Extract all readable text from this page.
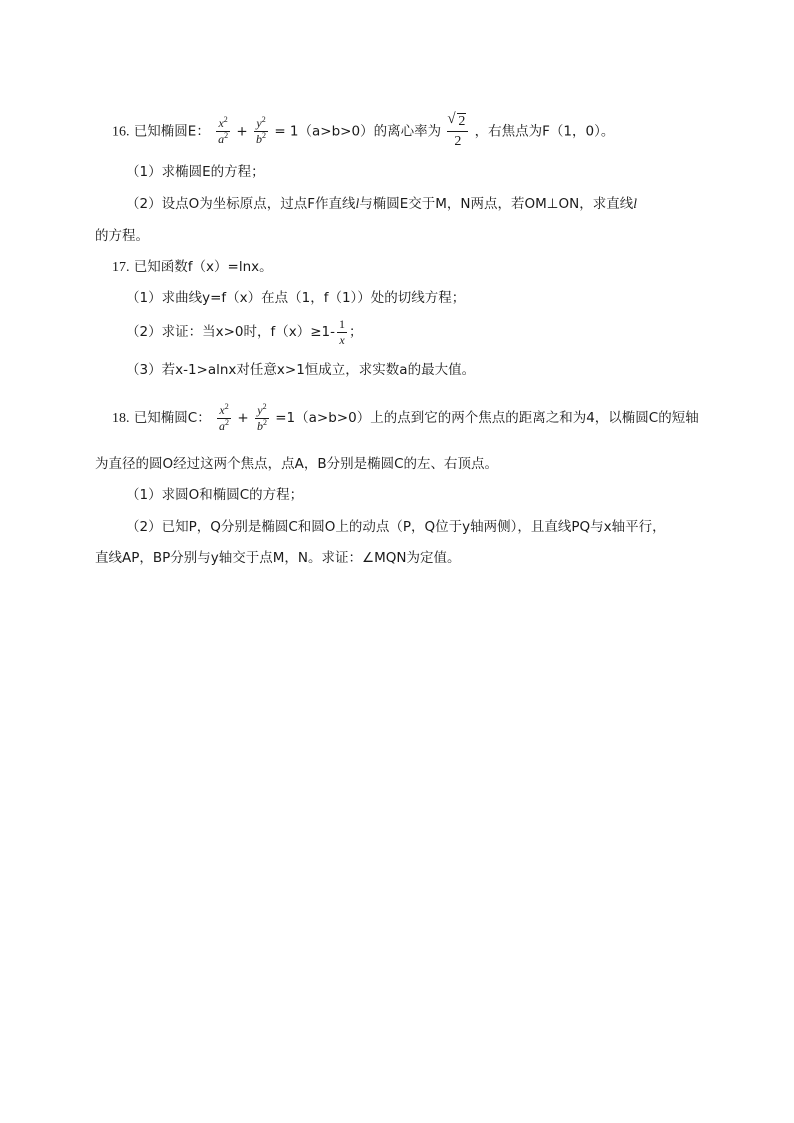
16. 已知椭圆E： $\frac{x^2}{a^2} + \frac{y^2}{b^2} = 1(a>b>0)$的离心率为
√ $\frac{2}{2}$ ，右焦点为F（1，0）。
（1）求椭圆E的方程；
（2）设点O为坐标原点，过点F作直线l与椭圆E交于M，N两点，若OM⊥ON，求直线l
的方程。
17. 已知函数f（x）=lnx。
（1）求曲线y=f（x）在点（1，f（1））处的切线方程；
（2）求证：当x>0时，$f(x)\ge 1- \frac{1}{x}$ ；
（3）若x-1>alnx对任意x>1恒成立，求实数a的最大值。
18. 已知椭圆C： $\frac{x^2}{a^2} + \frac{y^2}{b^2} =1(a>b>0)$上的点到它的两个焦点的距离之和为4，以椭圆C的短轴
为直径的圆O经过这两个焦点，点A，B分别是椭圆C的左、右顶点。
（1）求圆O和椭圆C的方程；
（2）已知P，Q分别是椭圆C和圆O上的动点（P，Q位于y轴两侧），且直线PQ与x轴平行，
直线AP，BP分别与y轴交于点M，N。求证：∠MQN为定值。
